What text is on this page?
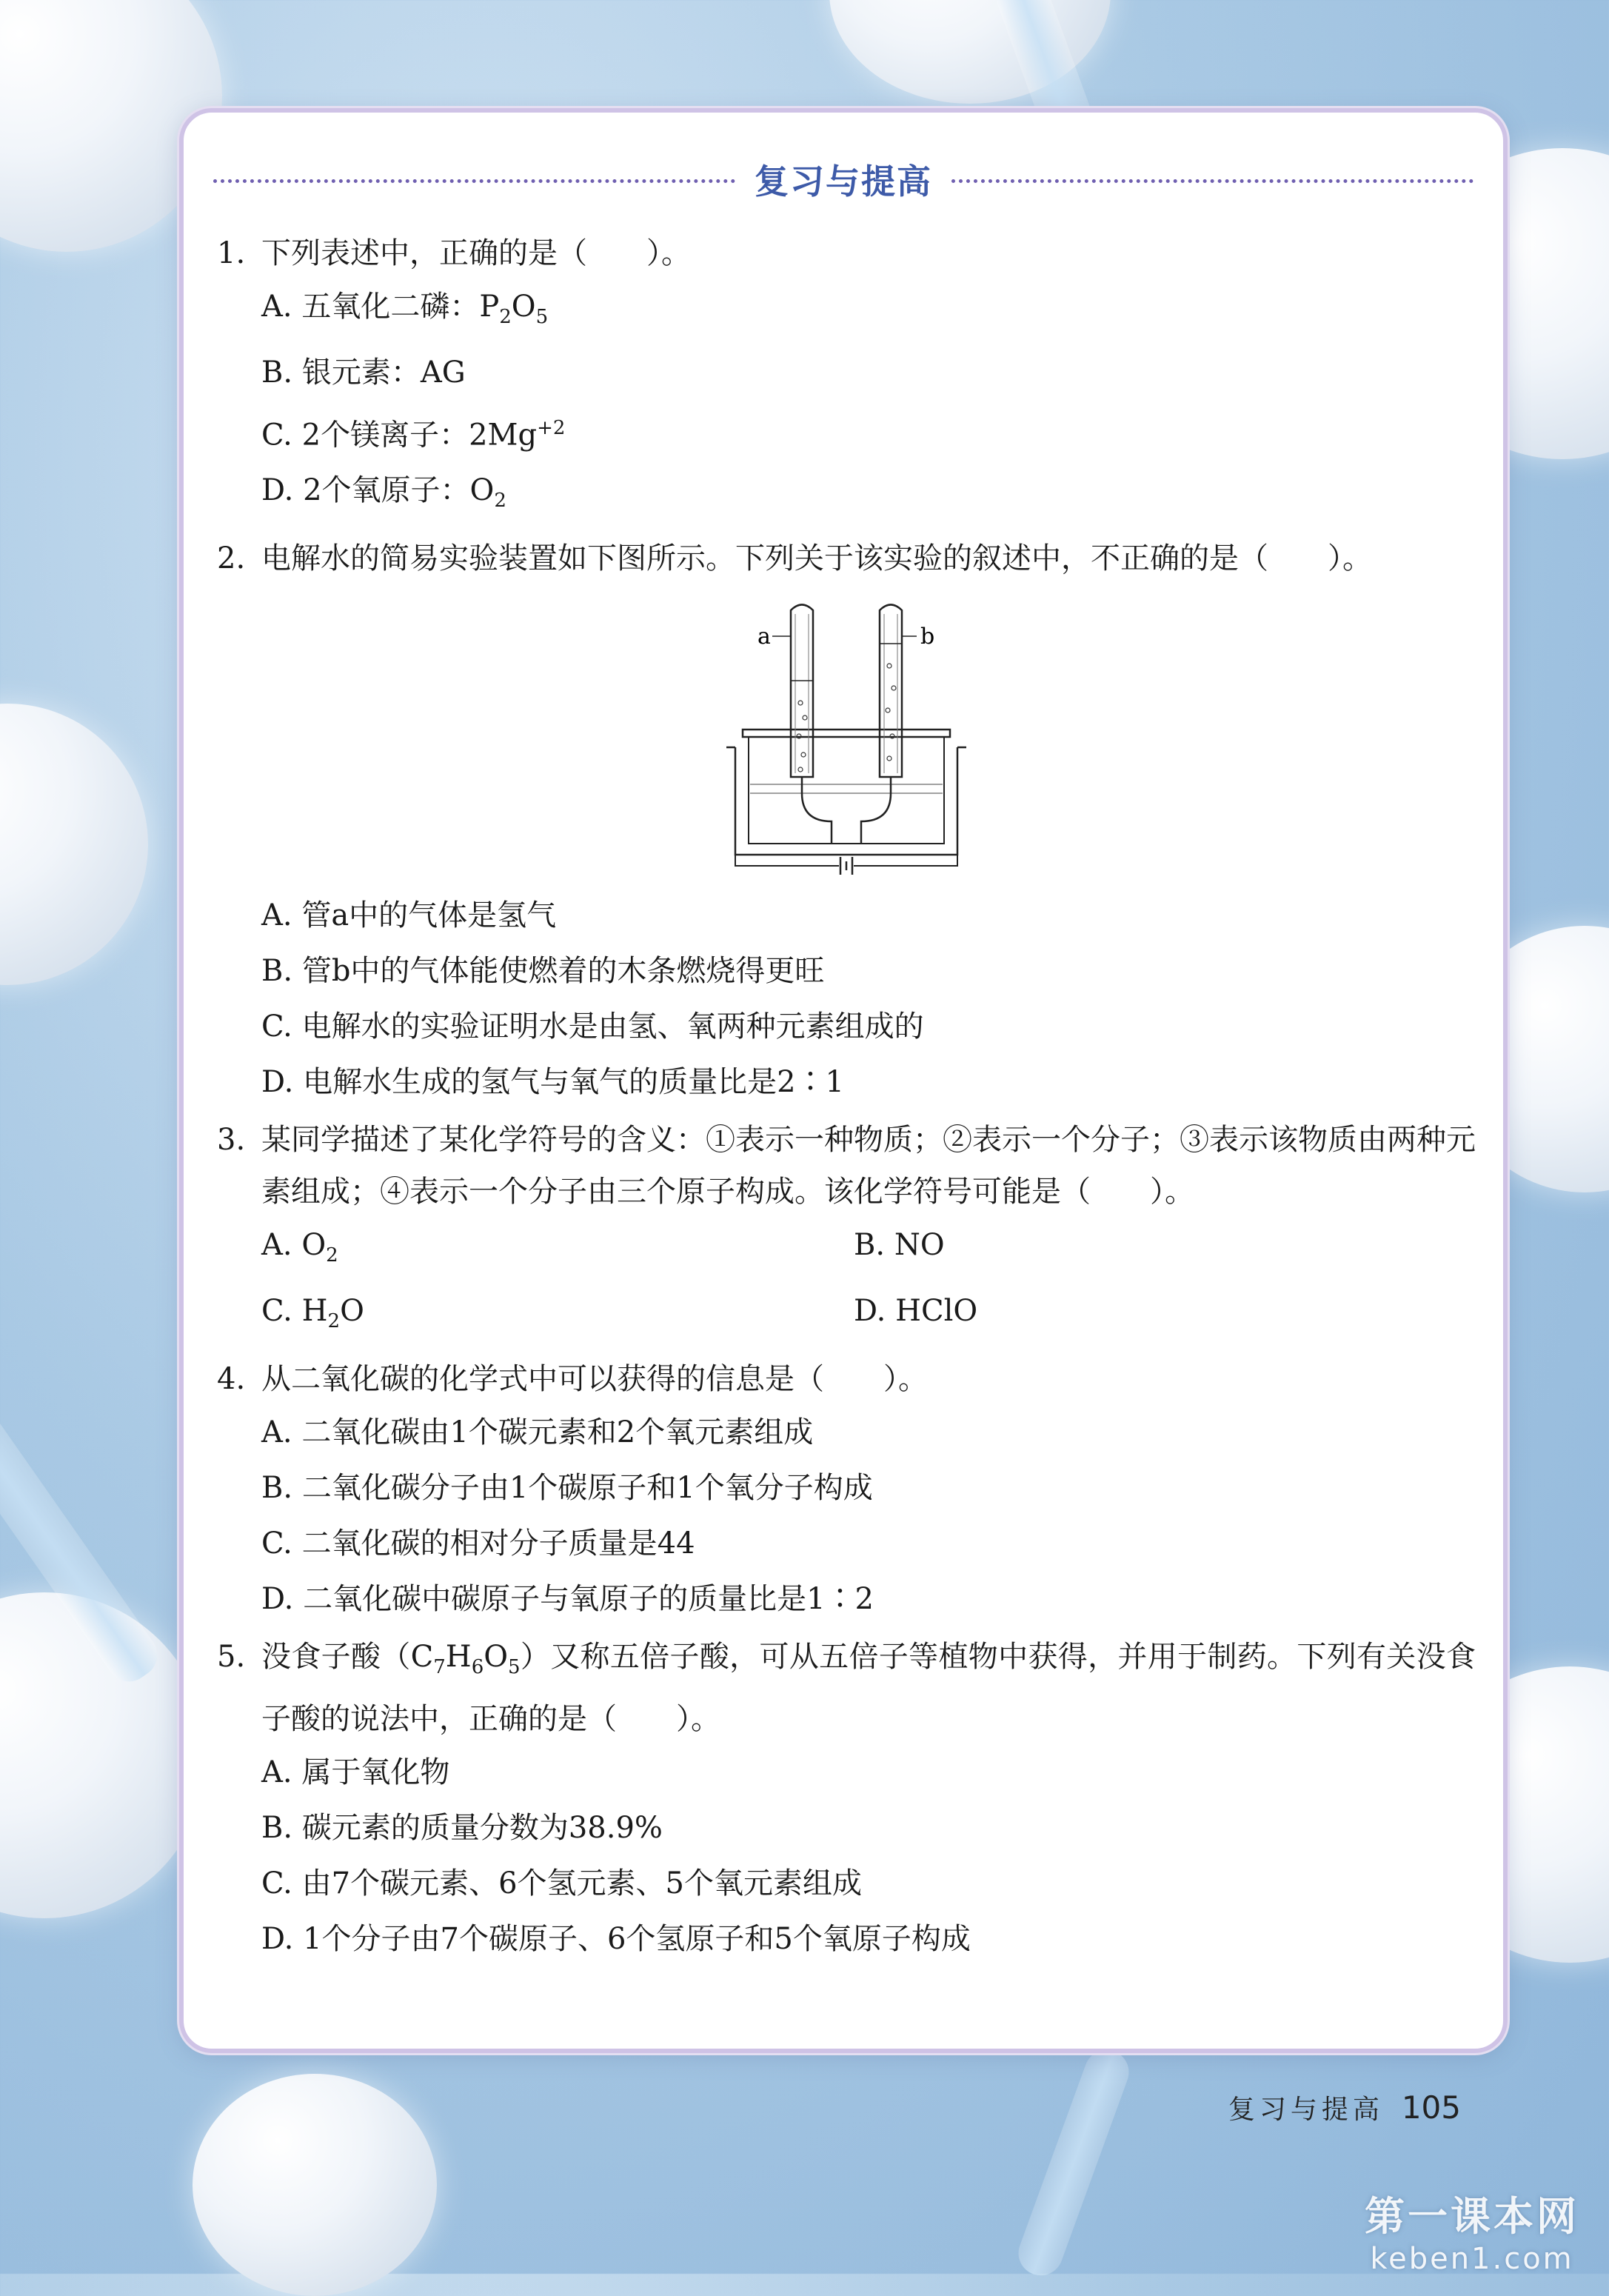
复习与提高
1. 下列表述中，正确的是（　　）。
A. 五氧化二磷：$P_2O_5$
B. 银元素：AG
C. 2个镁离子：$2Mg^{+2}$
D. 2个氧原子：$O_2$
2. 电解水的简易实验装置如下图所示。下列关于该实验的叙述中，不正确的是（　　）。
a	b
A. 管a中的气体是氢气
B. 管b中的气体能使燃着的木条燃烧得更旺
C. 电解水的实验证明水是由氢、氧两种元素组成的
D. 电解水生成的氢气与氧气的质量比是2∶1
3. 某同学描述了某化学符号的含义：①表示一种物质；②表示一个分子；③表示该物质由两种元素组成；④表示一个分子由三个原子构成。该化学符号可能是（　　）。
A. $O_2$	B. NO
C. $H_2O$	D. HClO
4. 从二氧化碳的化学式中可以获得的信息是（　　）。
A. 二氧化碳由1个碳元素和2个氧元素组成
B. 二氧化碳分子由1个碳原子和1个氧分子构成
C. 二氧化碳的相对分子质量是44
D. 二氧化碳中碳原子与氧原子的质量比是1∶2
5. 没食子酸$(C_7H_6O_5)$又称五倍子酸，可从五倍子等植物中获得，并用于制药。下列有关没食子酸的说法中，正确的是（　　）。
A. 属于氧化物
B. 碳元素的质量分数为38.9%
C. 由7个碳元素、6个氢元素、5个氧元素组成
D. 1个分子由7个碳原子、6个氢原子和5个氧原子构成
复习与提高 105
第一课本网
keben1.com
